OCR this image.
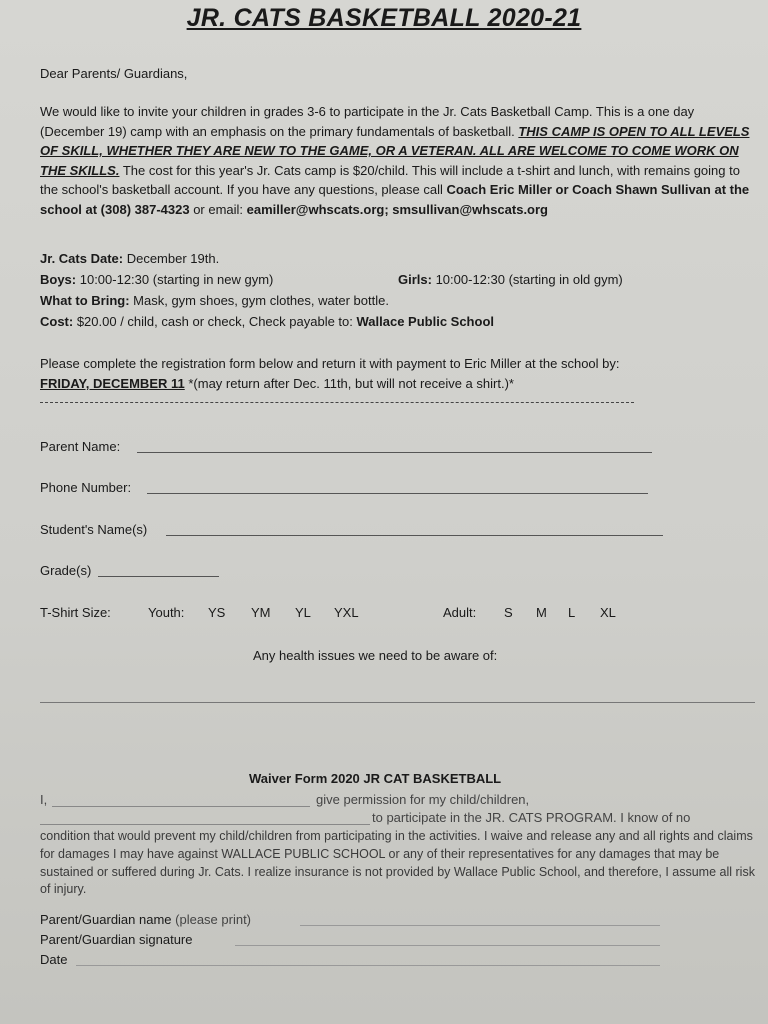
JR. CATS BASKETBALL 2020-21
Dear Parents/ Guardians,
We would like to invite your children in grades 3-6 to participate in the Jr. Cats Basketball Camp. This is a one day (December 19) camp with an emphasis on the primary fundamentals of basketball. THIS CAMP IS OPEN TO ALL LEVELS OF SKILL, WHETHER THEY ARE NEW TO THE GAME, OR A VETERAN. ALL ARE WELCOME TO COME WORK ON THE SKILLS. The cost for this year's Jr. Cats camp is $20/child. This will include a t-shirt and lunch, with remains going to the school's basketball account. If you have any questions, please call Coach Eric Miller or Coach Shawn Sullivan at the school at (308) 387-4323 or email: eamiller@whscats.org; smsullivan@whscats.org
Jr. Cats Date: December 19th.
Boys: 10:00-12:30 (starting in new gym)	Girls: 10:00-12:30 (starting in old gym)
What to Bring: Mask, gym shoes, gym clothes, water bottle.
Cost: $20.00 / child, cash or check, Check payable to: Wallace Public School
Please complete the registration form below and return it with payment to Eric Miller at the school by:
FRIDAY, DECEMBER 11 *(may return after Dec. 11th, but will not receive a shirt.)*
Parent Name:
Phone Number:
Student's Name(s)
Grade(s)
T-Shirt Size:	Youth: YS YM YL YXL	Adult: S M L XL
Any health issues we need to be aware of:
Waiver Form 2020 JR CAT BASKETBALL
I,	give permission for my child/children,
to participate in the JR. CATS PROGRAM. I know of no
condition that would prevent my child/children from participating in the activities. I waive and release any and all rights and claims for damages I may have against WALLACE PUBLIC SCHOOL or any of their representatives for any damages that may be sustained or suffered during Jr. Cats. I realize insurance is not provided by Wallace Public School, and therefore, I assume all risk of injury.
Parent/Guardian name (please print)
Parent/Guardian signature
Date
